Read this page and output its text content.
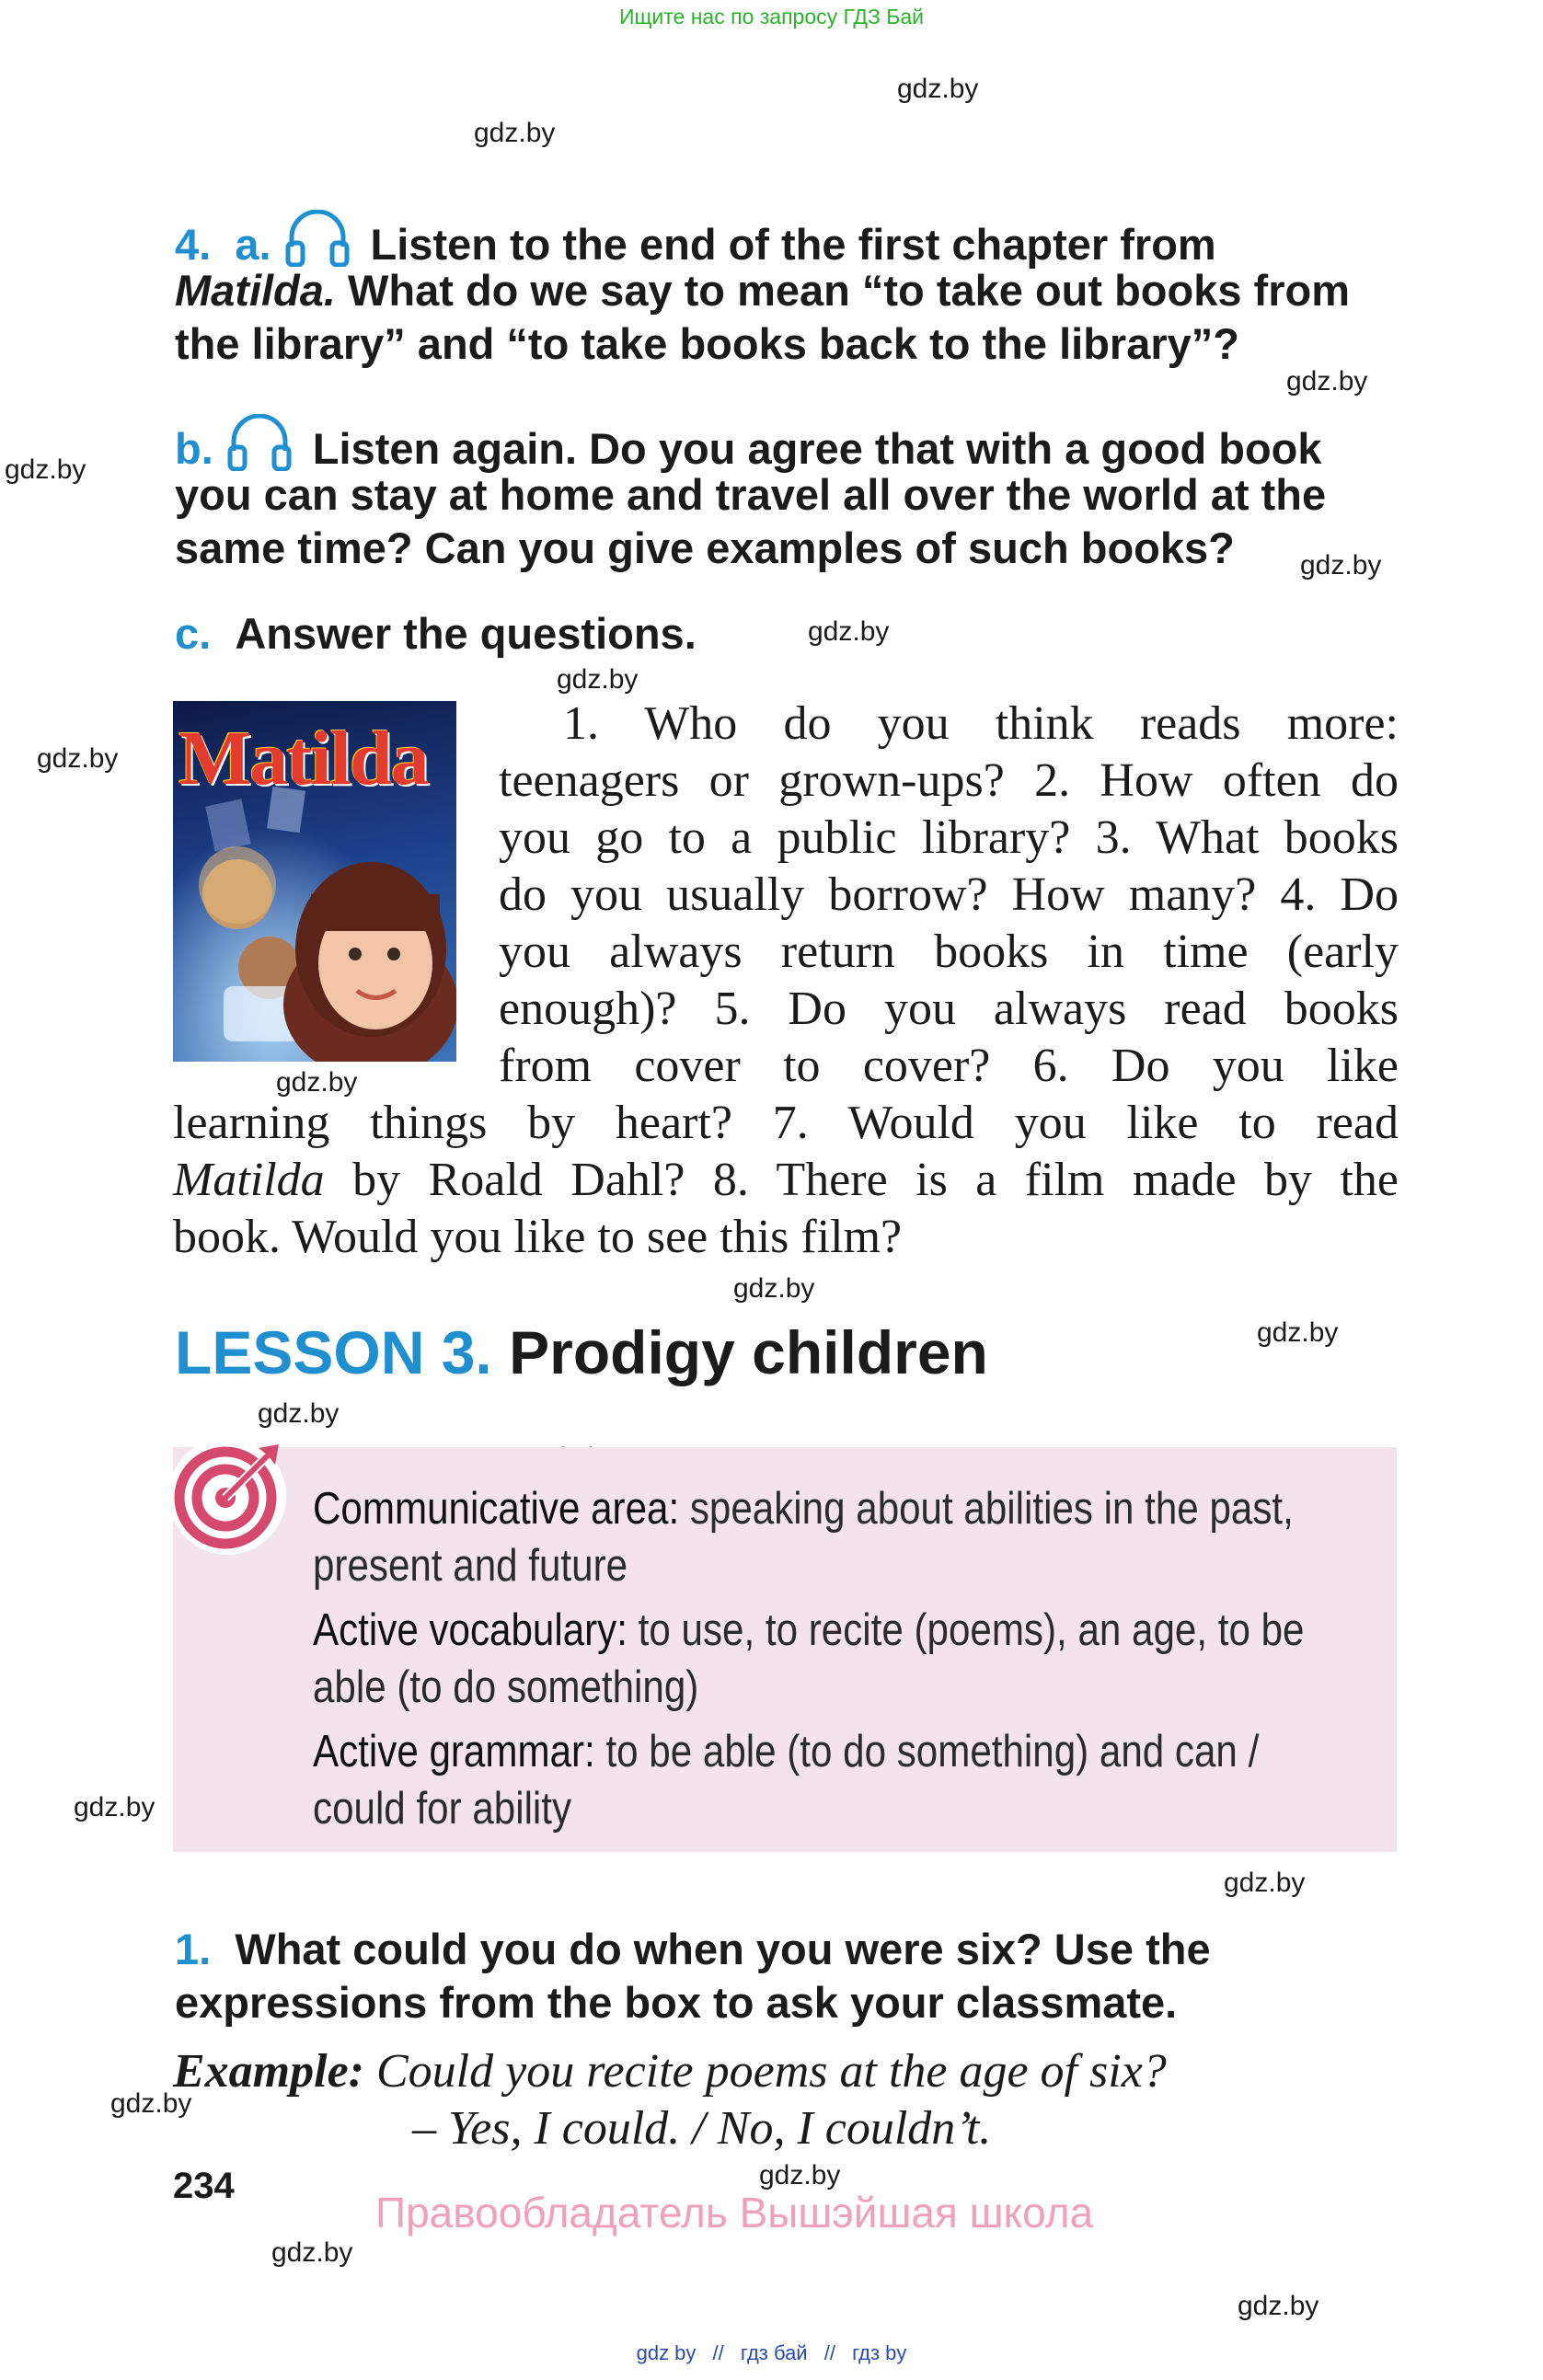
Ищите нас по запросу ГДЗ Бай
gdz.by
gdz.by
gdz.by
gdz.by
gdz.by
gdz.by
gdz.by
gdz.by
gdz.by
gdz.by
gdz.by
gdz.by
gdz.by
gdz.by
gdz.by
gdz.by
gdz.by
gdz.by
4. a. Listen to the end of the first chapter from
Matilda. What do we say to mean “to take out books from
the library” and “to take books back to the library”?
b. Listen again. Do you agree that with a good book
you can stay at home and travel all over the world at the
same time? Can you give examples of such books?
c. Answer the questions.
Matilda	1. Who do you think reads more:
teenagers or grown-ups? 2. How often do
you go to a public library? 3. What books
do you usually borrow? How many? 4. Do
you always return books in time (early
enough)? 5. Do you always read books
from cover to cover? 6. Do you like
learning things by heart? 7. Would you like to read
Matilda by Roald Dahl? 8. There is a film made by the
book. Would you like to see this film?
LESSON 3. Prodigy children
Communicative area: speaking about abilities in the past,
present and future
Active vocabulary: to use, to recite (poems), an age, to be
able (to do something)
Active grammar: to be able (to do something) and can /
could for ability
1. What could you do when you were six? Use the
expressions from the box to ask your classmate.
Example: Could you recite poems at the age of six?
– Yes, I could. / No, I couldn’t.
234
Правообладатель Вышэйшая школа
gdz by // гдз бай // гдз by
